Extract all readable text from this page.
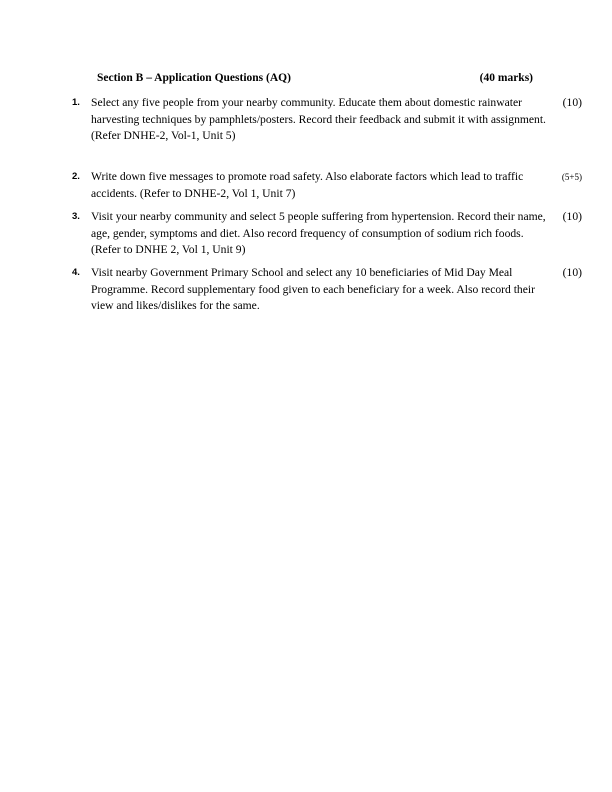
Section B – Application Questions (AQ)	(40 marks)
1. Select any five people from your nearby community. Educate them about domestic rainwater harvesting techniques by pamphlets/posters. Record their feedback and submit it with assignment.(Refer DNHE-2, Vol-1, Unit 5)
(10)
2. Write down five messages to promote road safety. Also elaborate factors which lead to traffic accidents. (Refer to DNHE-2, Vol 1, Unit 7)
(5+5)
3. Visit your nearby community and select 5 people suffering from hypertension. Record their name, age, gender, symptoms and diet. Also record frequency of consumption of sodium rich foods. (Refer to DNHE 2, Vol 1, Unit 9)
(10)
4. Visit nearby Government Primary School and select any 10 beneficiaries of Mid Day Meal Programme. Record supplementary food given to each beneficiary for a week. Also record their view and likes/dislikes for the same.
(10)
